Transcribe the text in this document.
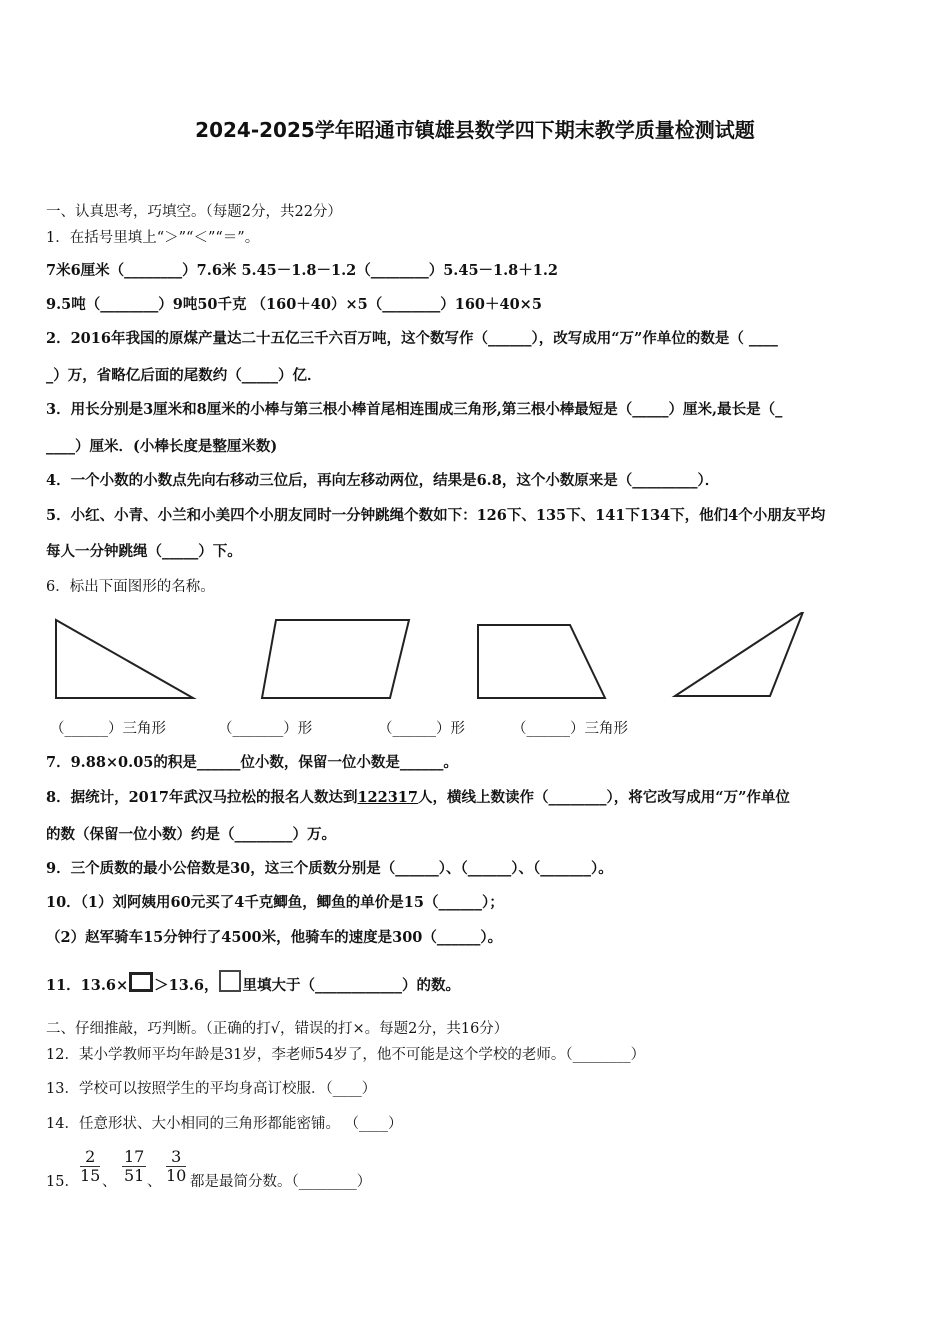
2024-2025学年昭通市镇雄县数学四下期末教学质量检测试题
一、认真思考，巧填空。（每题2分，共22分）
1．在括号里填上“＞”“＜”“＝”。
7米6厘米（________）7.6米 5.45－1.8－1.2（________）5.45－1.8＋1.2
9.5吨（________）9吨50千克 （160＋40）×5（________）160＋40×5
2．2016年我国的原煤产量达二十五亿三千六百万吨，这个数写作（______），改写成用“万”作单位的数是（ ____
_）万，省略亿后面的尾数约（_____）亿．
3．用长分别是3厘米和8厘米的小棒与第三根小棒首尾相连围成三角形,第三根小棒最短是（_____）厘米,最长是（_
____）厘米．(小棒长度是整厘米数)
4．一个小数的小数点先向右移动三位后，再向左移动两位，结果是6.8，这个小数原来是（_________）．
5．小红、小青、小兰和小美四个小朋友同时一分钟跳绳个数如下：126下、135下、141下134下，他们4个小朋友平均
每人一分钟跳绳（_____）下。
6．标出下面图形的名称。
（______）三角形	（_______）形	（______）形	（______）三角形
7．9.88×0.05的积是______位小数，保留一位小数是______。
8．据统计，2017年武汉马拉松的报名人数达到122317人，横线上数读作（________），将它改写成用“万”作单位
的数（保留一位小数）约是（________）万。
9．三个质数的最小公倍数是30，这三个质数分别是（______）、（______）、（_______）。
10．（1）刘阿姨用60元买了4千克鲫鱼，鲫鱼的单价是15（______）；
（2）赵军骑车15分钟行了4500米，他骑车的速度是300（______）。
11．13.6× ＞13.6， 里填大于（____________）的数。
二、仔细推敲，巧判断。（正确的打√，错误的打×。每题2分，共16分）
12．某小学教师平均年龄是31岁，李老师54岁了，他不可能是这个学校的老师。（________）
13．学校可以按照学生的平均身高订校服．（____）
14．任意形状、大小相同的三角形都能密铺。 （____）
15． $\frac{2}{15}$ 、 $\frac{17}{51}$ 、 $\frac{3}{10}$ 都是最简分数。（________）
